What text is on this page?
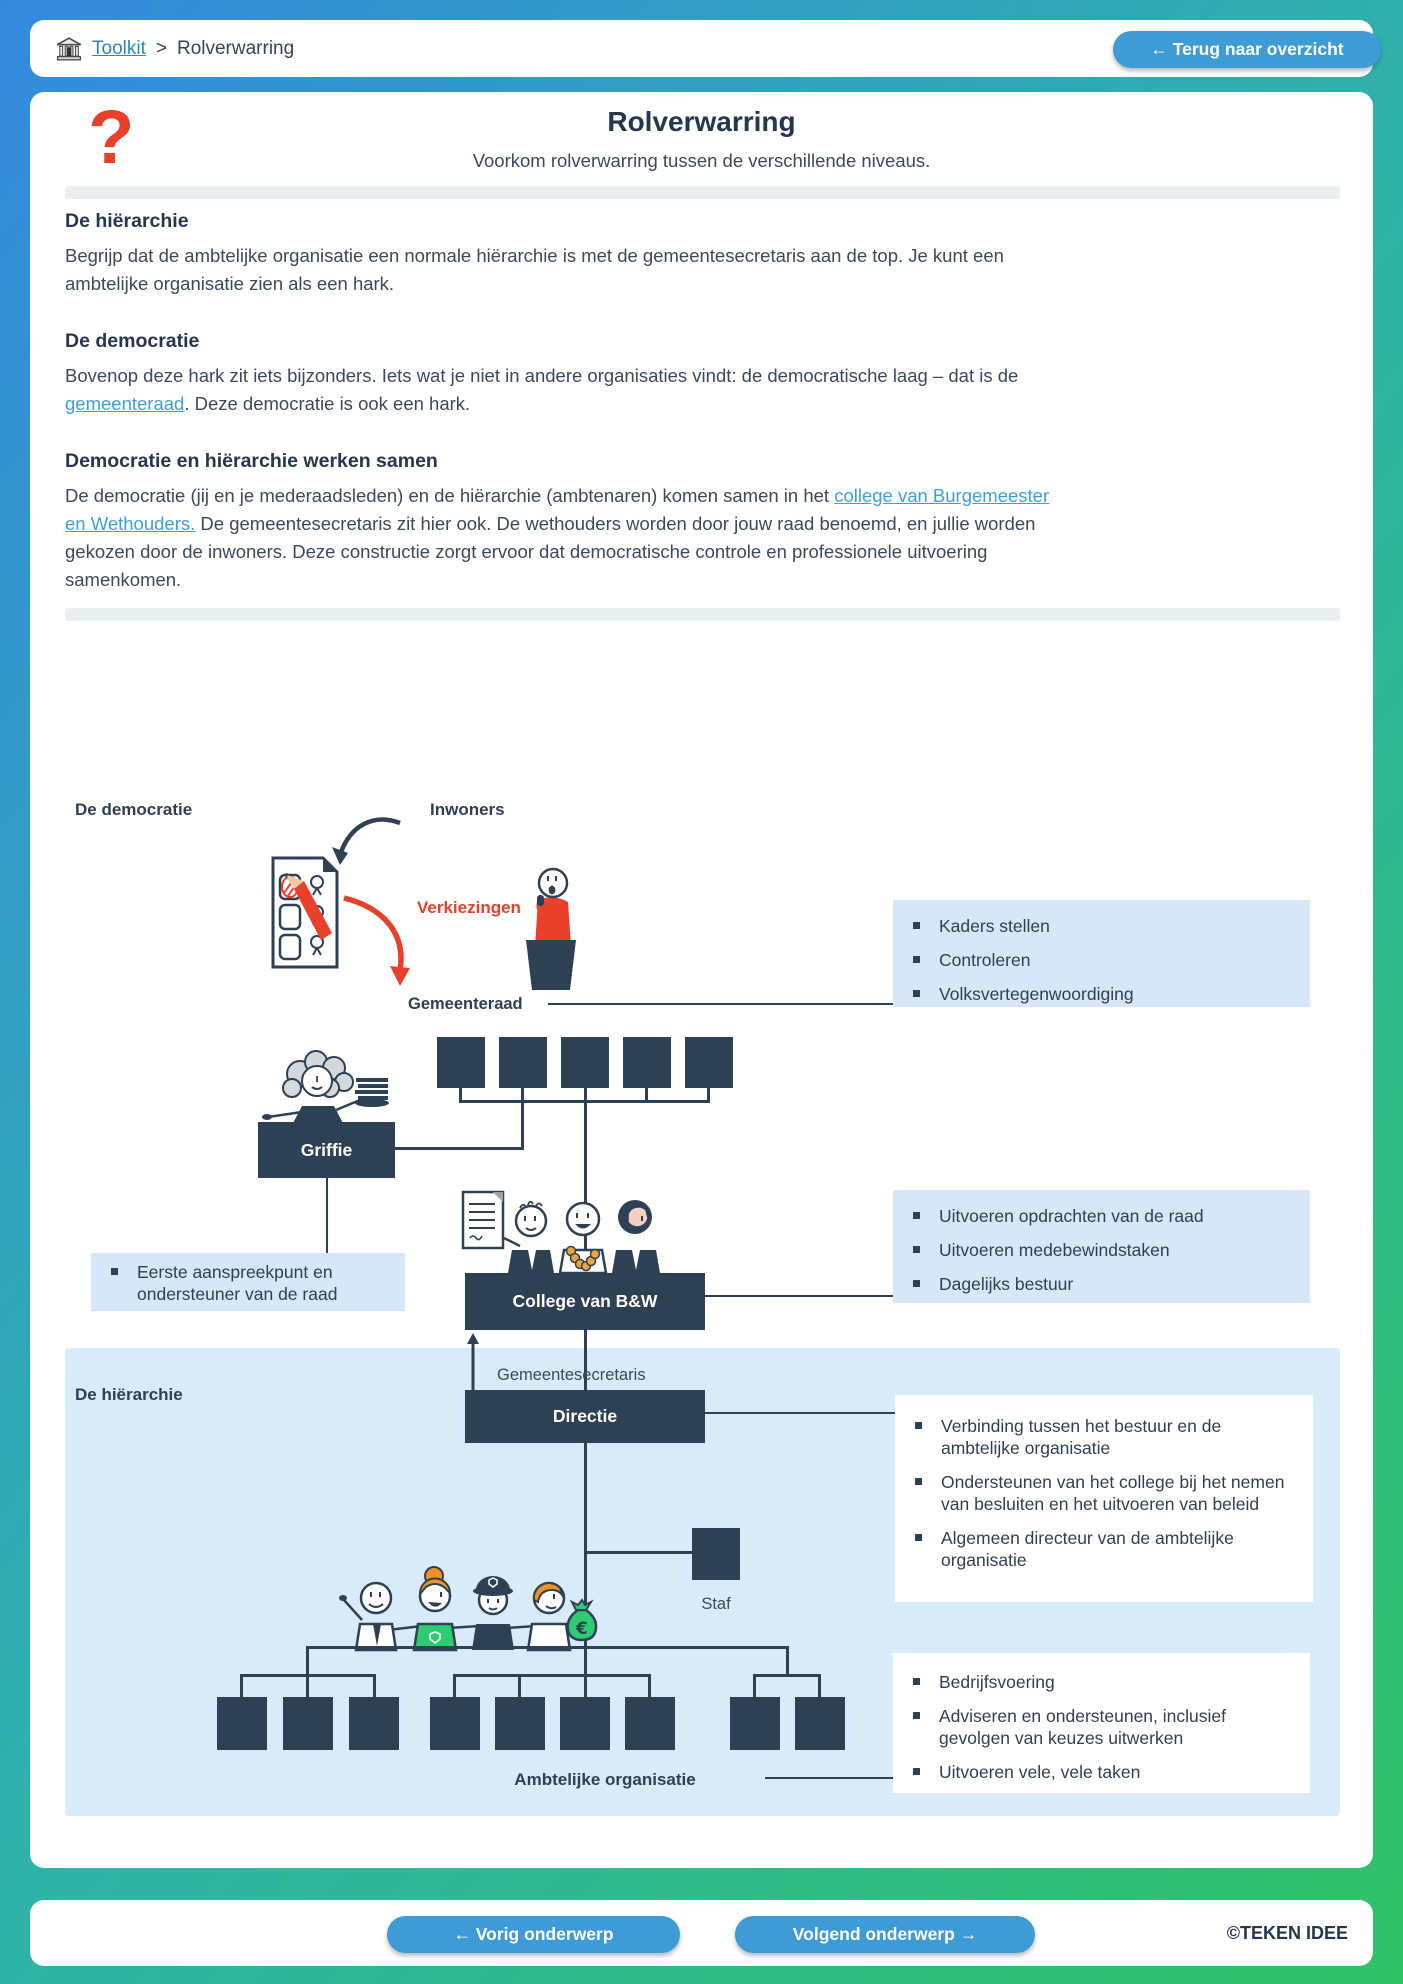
Toolkit > Rolverwarring	← Terug naar overzicht
?	Rolverwarring
Voorkom rolverwarring tussen de verschillende niveaus.
De hiërarchie
Begrijp dat de ambtelijke organisatie een normale hiërarchie is met de gemeentesecretaris aan de top. Je kunt een ambtelijke organisatie zien als een hark.
De democratie
Bovenop deze hark zit iets bijzonders. Iets wat je niet in andere organisaties vindt: de democratische laag – dat is de gemeenteraad. Deze democratie is ook een hark.
Democratie en hiërarchie werken samen
De democratie (jij en je mederaadsleden) en de hiërarchie (ambtenaren) komen samen in het college van Burgemeester en Wethouders. De gemeentesecretaris zit hier ook. De wethouders worden door jouw raad benoemd, en jullie worden gekozen door de inwoners. Deze constructie zorgt ervoor dat democratische controle en professionele uitvoering samenkomen.
De democratie	Inwoners
Verkiezingen
Gemeenteraad
Kaders stellen
Controleren
Volksvertegenwoordiging
Griffie
Eerste aanspreekpunt en ondersteuner van de raad	College van B&W
Uitvoeren opdrachten van de raad
Uitvoeren medebewindstaken
Dagelijks bestuur
De hiërarchie
Gemeentesecretaris
Directie	Verbinding tussen het bestuur en de ambtelijke organisatie
Ondersteunen van het college bij het nemen van besluiten en het uitvoeren van beleid
Algemeen directeur van de ambtelijke organisatie
Staf
€
Ambtelijke organisatie
Bedrijfsvoering
Adviseren en ondersteunen, inclusief gevolgen van keuzes uitwerken
Uitvoeren vele, vele taken
← Vorig onderwerp	Volgend onderwerp →	©TEKEN IDEE
